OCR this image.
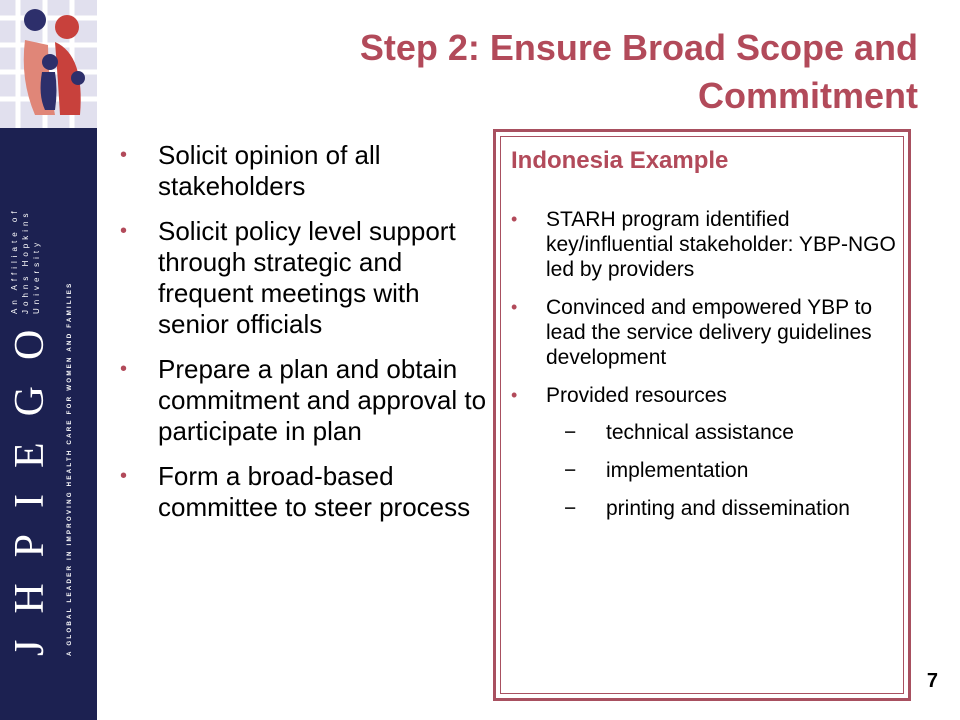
JHPIEGO
An Affiliate of Johns Hopkins University
A GLOBAL LEADER IN IMPROVING HEALTH CARE FOR WOMEN AND FAMILIES
Step 2: Ensure Broad Scope and
Commitment
• Solicit opinion of all stakeholders
• Solicit policy level support through strategic and frequent meetings with senior officials
• Prepare a plan and obtain commitment and approval to participate in plan
• Form a broad-based committee to steer process
Indonesia Example
• STARH program identified key/influential stakeholder: YBP-NGO led by providers
• Convinced and empowered YBP to lead the service delivery guidelines development
• Provided resources
− technical assistance
− implementation
− printing and dissemination
7
